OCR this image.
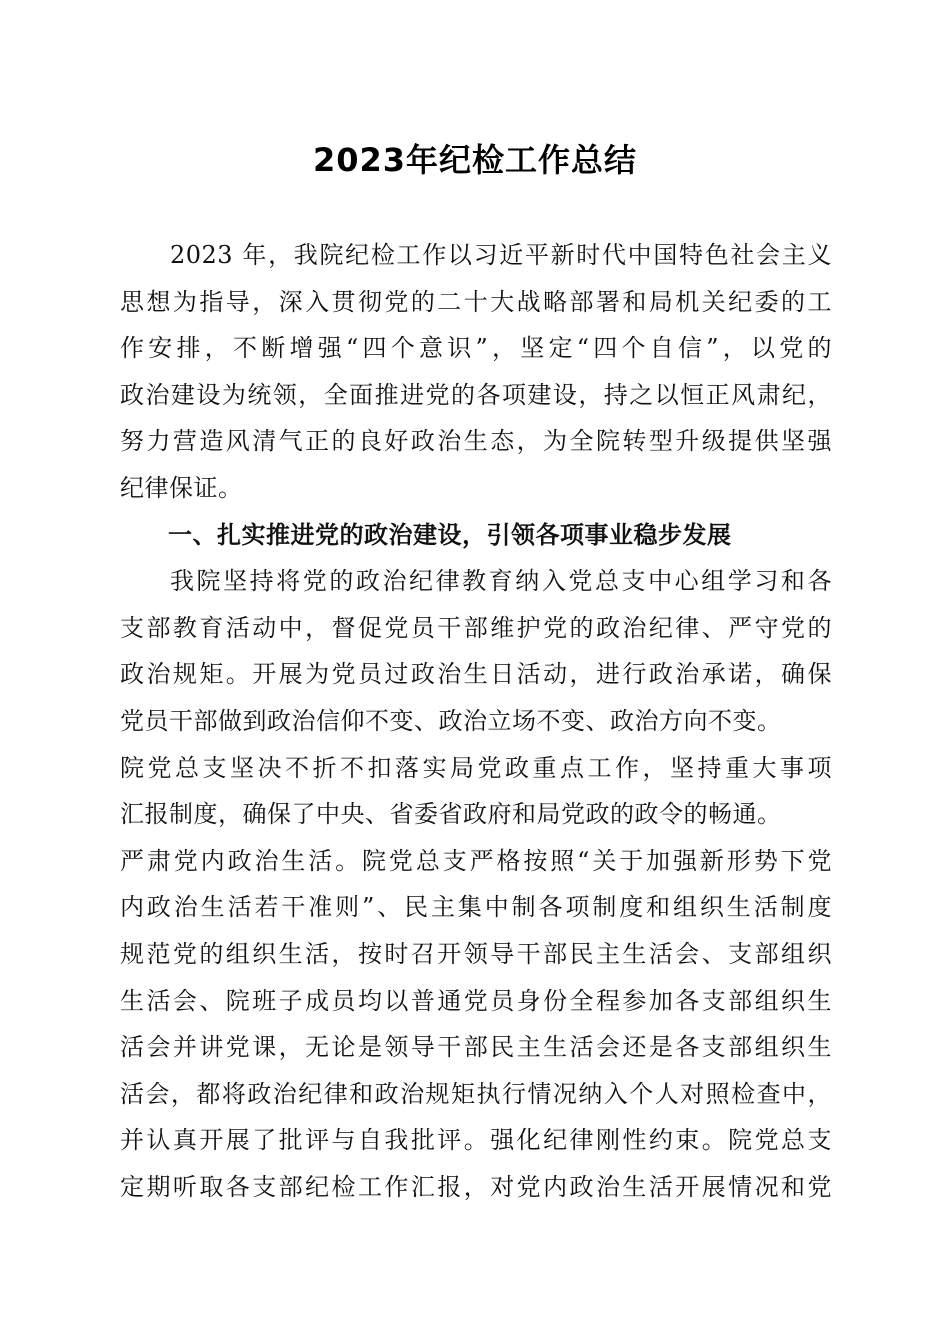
2023年纪检工作总结
2023 年，我院纪检工作以习近平新时代中国特色社会主义
思想为指导，深入贯彻党的二十大战略部署和局机关纪委的工
作安排，不断增强“四个意识”，坚定“四个自信”，以党的
政治建设为统领，全面推进党的各项建设，持之以恒正风肃纪，
努力营造风清气正的良好政治生态，为全院转型升级提供坚强
纪律保证。
一、扎实推进党的政治建设，引领各项事业稳步发展
我院坚持将党的政治纪律教育纳入党总支中心组学习和各
支部教育活动中，督促党员干部维护党的政治纪律、严守党的
政治规矩。开展为党员过政治生日活动，进行政治承诺，确保
党员干部做到政治信仰不变、政治立场不变、政治方向不变。
院党总支坚决不折不扣落实局党政重点工作，坚持重大事项
汇报制度，确保了中央、省委省政府和局党政的政令的畅通。
严肃党内政治生活。院党总支严格按照“关于加强新形势下党
内政治生活若干准则”、民主集中制各项制度和组织生活制度
规范党的组织生活，按时召开领导干部民主生活会、支部组织
生活会、院班子成员均以普通党员身份全程参加各支部组织生
活会并讲党课，无论是领导干部民主生活会还是各支部组织生
活会，都将政治纪律和政治规矩执行情况纳入个人对照检查中，
并认真开展了批评与自我批评。强化纪律刚性约束。院党总支
定期听取各支部纪检工作汇报，对党内政治生活开展情况和党
